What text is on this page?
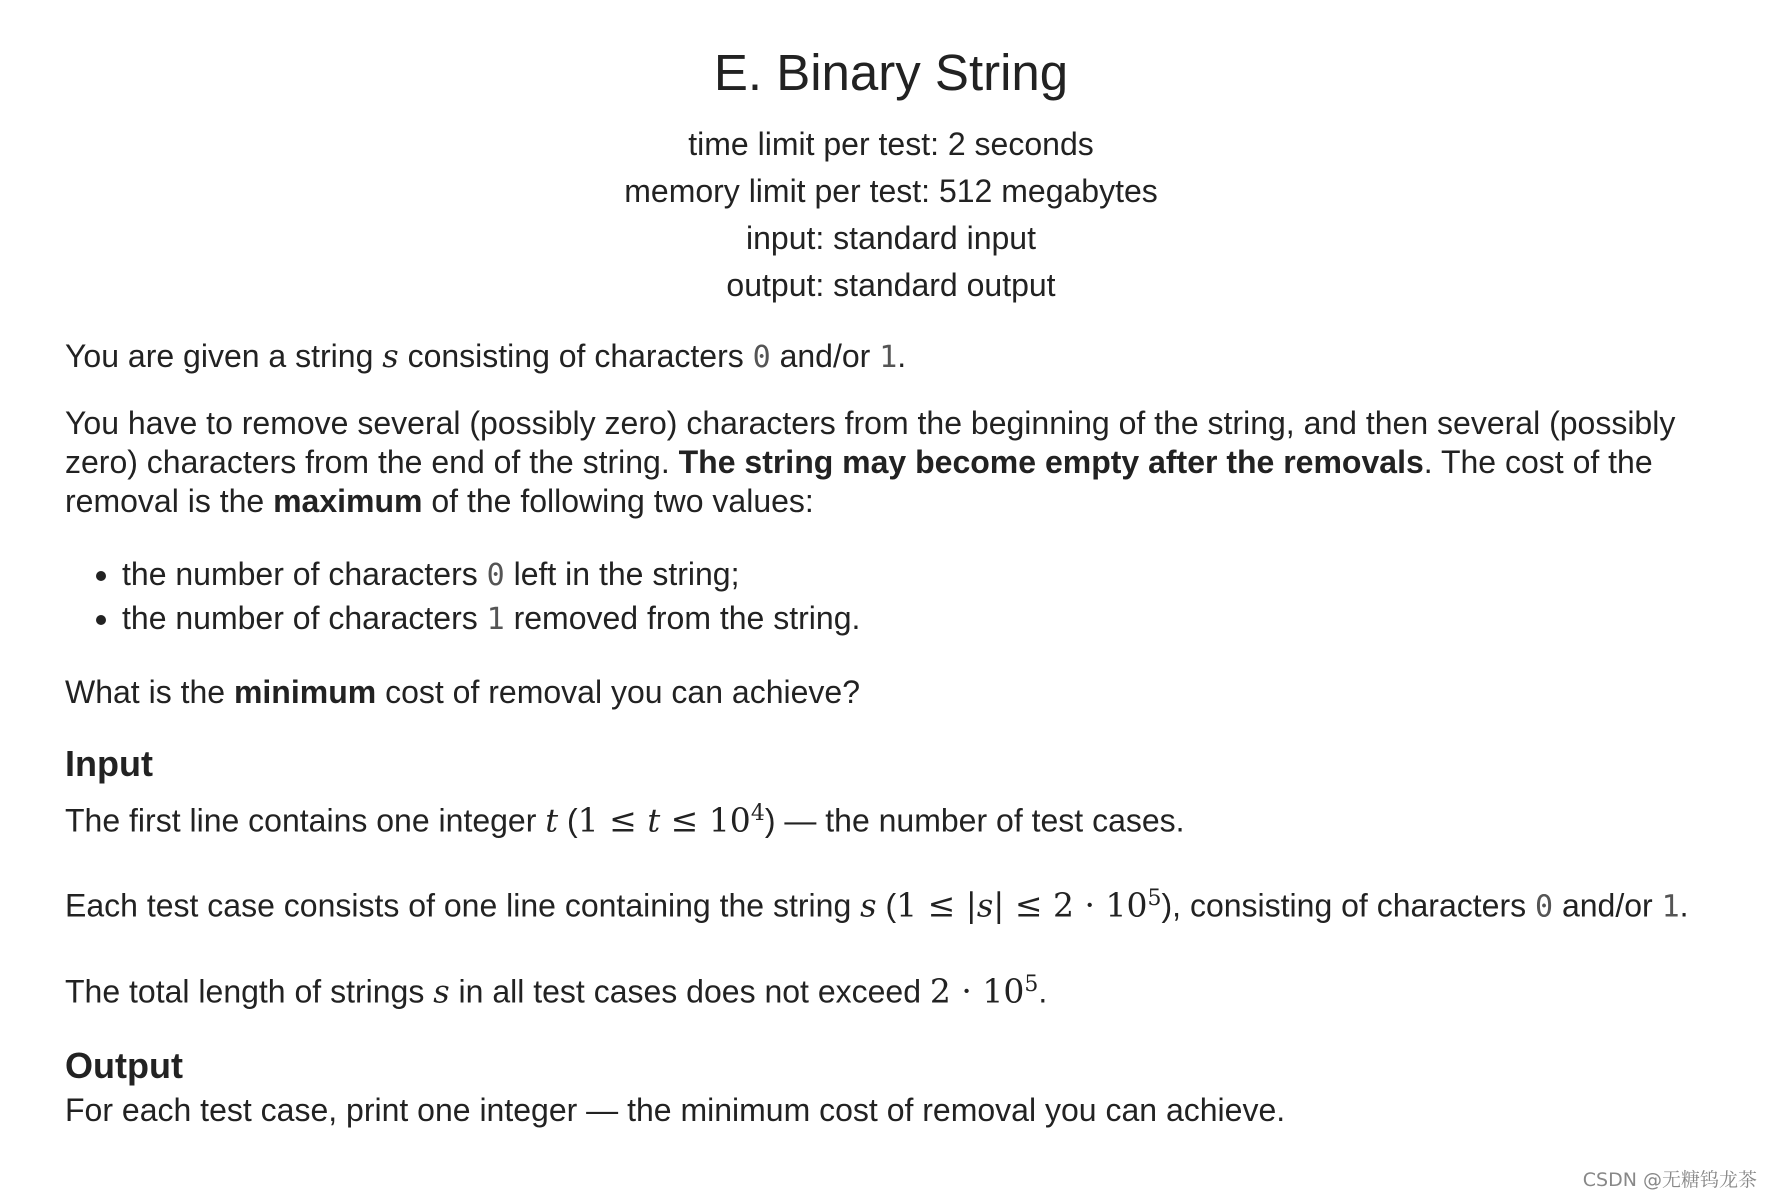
E. Binary String
time limit per test: 2 seconds
memory limit per test: 512 megabytes
input: standard input
output: standard output

You are given a string s consisting of characters 0 and/or 1.

You have to remove several (possibly zero) characters from the beginning of the string, and then several (possibly zero) characters from the end of the string. The string may become empty after the removals. The cost of the removal is the maximum of the following two values:

• the number of characters 0 left in the string;
• the number of characters 1 removed from the string.

What is the minimum cost of removal you can achieve?

Input

The first line contains one integer t $(1 \le t \le 10^4)$ — the number of test cases.

Each test case consists of one line containing the string s $(1 \le |s| \le 2 \cdot 10^5)$, consisting of characters 0 and/or 1.

The total length of strings s in all test cases does not exceed $2 \cdot 10^5$.

Output

For each test case, print one integer — the minimum cost of removal you can achieve.

CSDN @无糖钨龙茶
